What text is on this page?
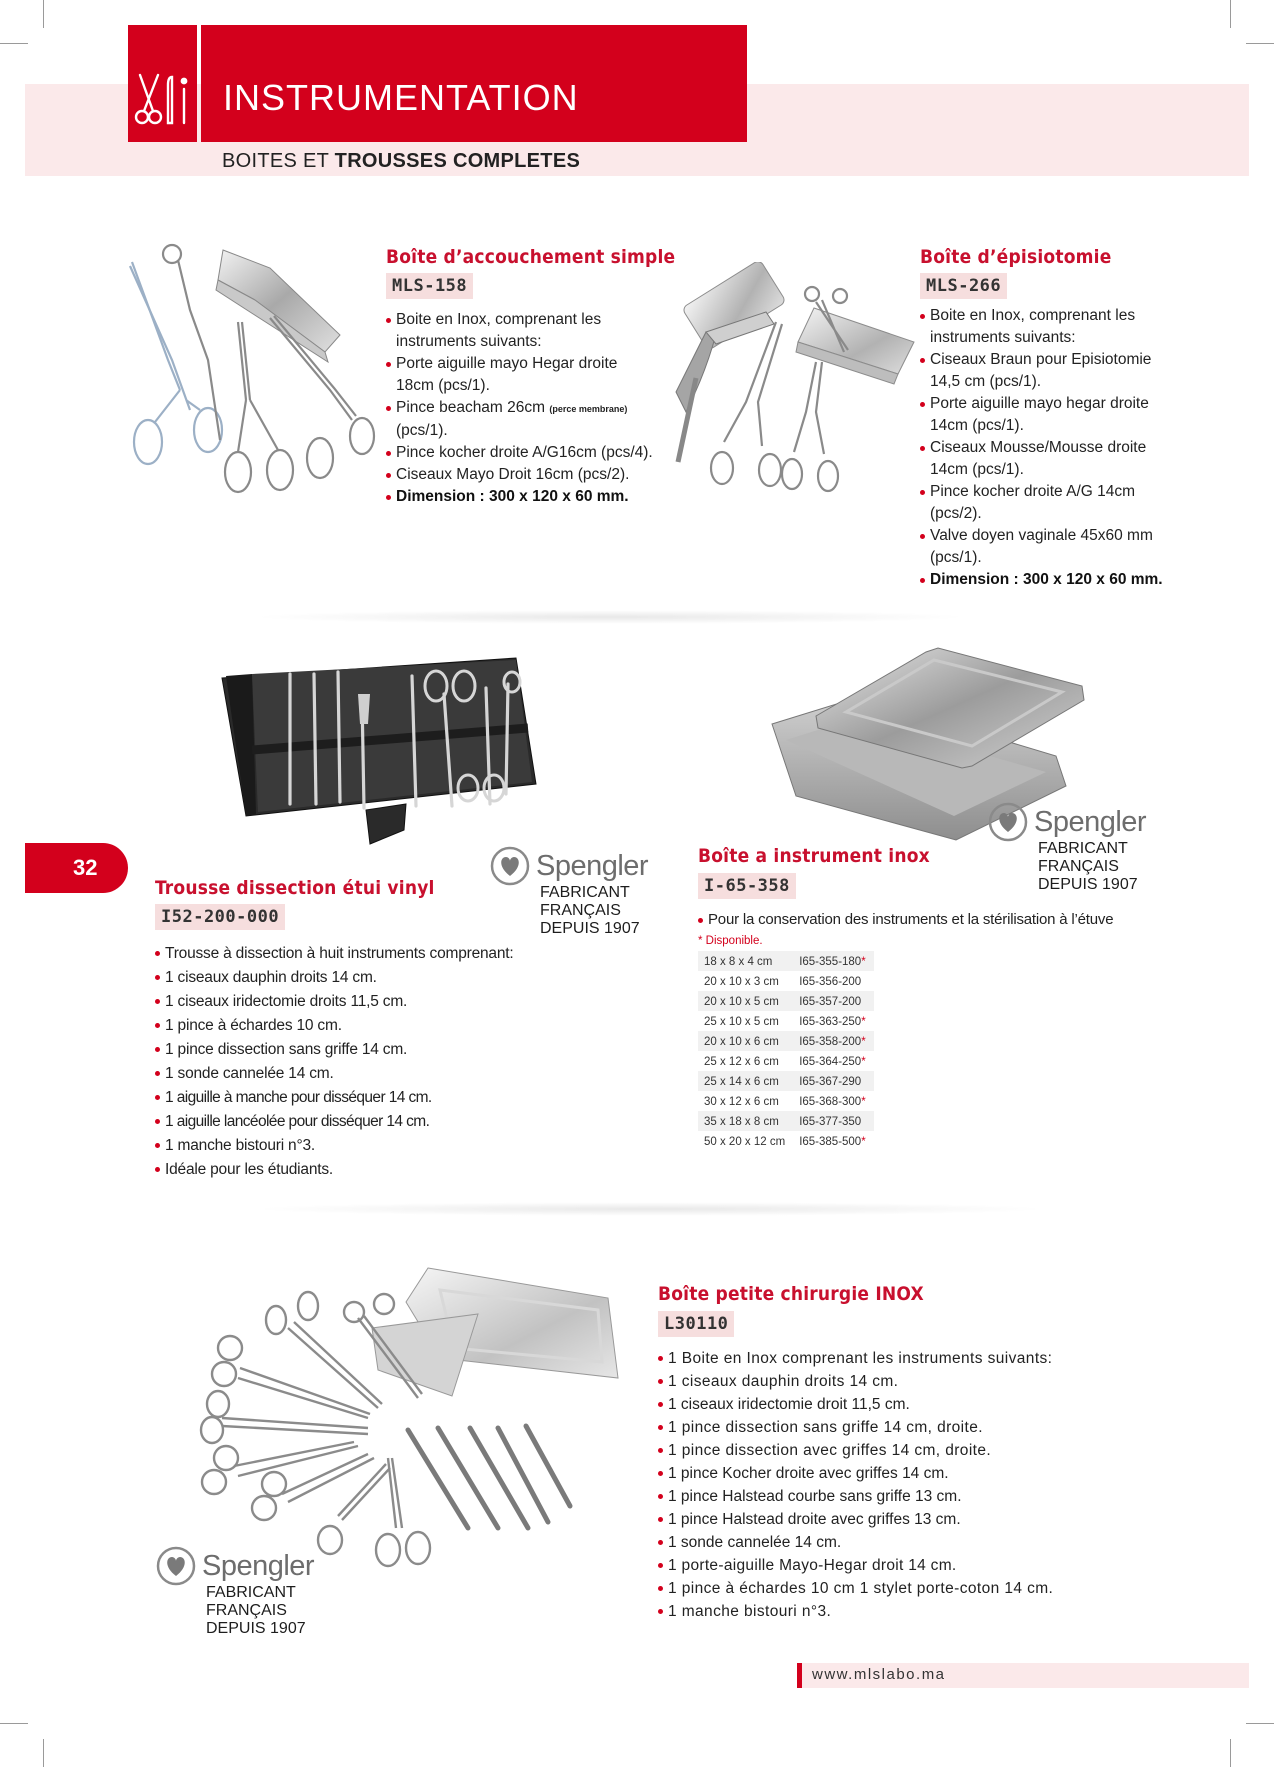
INSTRUMENTATION
BOITES ET TROUSSES COMPLETES
Boîte d’accouchement simple
MLS-158
Boite en Inox, comprenant les instruments suivants:
Porte aiguille mayo Hegar droite 18cm (pcs/1).
Pince beacham 26cm (perce membrane)
(pcs/1).
Pince kocher droite A/G16cm (pcs/4).
Ciseaux Mayo Droit 16cm (pcs/2).
Dimension : 300 x 120 x 60 mm.
Boîte d’épisiotomie
MLS-266
Boite en Inox, comprenant les instruments suivants:
Ciseaux Braun pour Episiotomie 14,5 cm (pcs/1).
Porte aiguille mayo hegar droite 14cm (pcs/1).
Ciseaux Mousse/Mousse droite 14cm (pcs/1).
Pince kocher droite A/G 14cm (pcs/2).
Valve doyen vaginale 45x60 mm (pcs/1).
Dimension : 300 x 120 x 60 mm.
Spengler
FABRICANT FRANÇAIS
DEPUIS 1907
32
Trousse dissection étui vinyl
I52-200-000
Trousse à dissection à huit instruments comprenant:
1 ciseaux dauphin droits 14 cm.
1 ciseaux iridectomie droits 11,5 cm.
1 pince à échardes 10 cm.
1 pince dissection sans griffe 14 cm.
1 sonde cannelée 14 cm.
1 aiguille à manche pour disséquer 14 cm.
1 aiguille lancéolée pour disséquer 14 cm.
1 manche bistouri n°3.
Idéale pour les étudiants.
Spengler
FABRICANT FRANÇAIS
DEPUIS 1907
Boîte a instrument inox
I-65-358
Pour la conservation des instruments et la stérilisation à l’étuve
* Disponible.
18 x 8 x 4 cm	I65-355-180*
20 x 10 x 3 cm	I65-356-200
20 x 10 x 5 cm	I65-357-200
25 x 10 x 5 cm	I65-363-250*
20 x 10 x 6 cm	I65-358-200*
25 x 12 x 6 cm	I65-364-250*
25 x 14 x 6 cm	I65-367-290
30 x 12 x 6 cm	I65-368-300*
35 x 18 x 8 cm	I65-377-350
50 x 20 x 12 cm	I65-385-500*
Spengler
FABRICANT FRANÇAIS
DEPUIS 1907
Boîte petite chirurgie INOX
L30110
1 Boite en Inox comprenant les instruments suivants:
1 ciseaux dauphin droits 14 cm.
1 ciseaux iridectomie droit 11,5 cm.
1 pince dissection sans griffe 14 cm, droite.
1 pince dissection avec griffes 14 cm, droite.
1 pince Kocher droite avec griffes 14 cm.
1 pince Halstead courbe sans griffe 13 cm.
1 pince Halstead droite avec griffes 13 cm.
1 sonde cannelée 14 cm.
1 porte-aiguille Mayo-Hegar droit 14 cm.
1 pince à échardes 10 cm 1 stylet porte-coton 14 cm.
1 manche bistouri n°3.
www.mlslabo.ma
